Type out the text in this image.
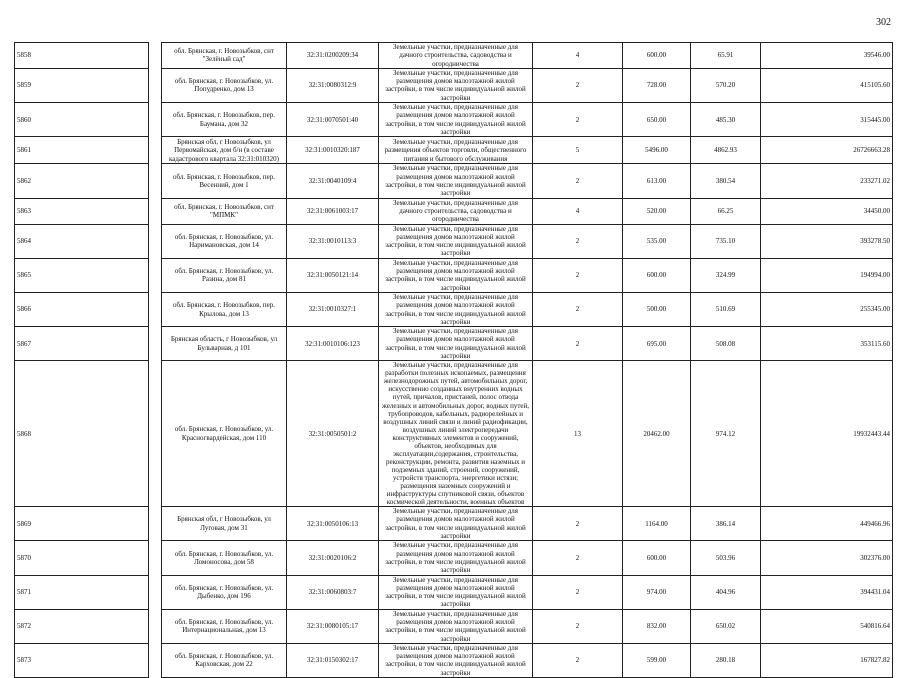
302
5858		обл. Брянская, г. Новозыбков, снт "Зелёный сад"	32:31:0200209:34	Земельные участки, предназначенные для дачного строительства, садоводства и огородничества	4	600.00	65.91	39546.00
5859		обл. Брянская, г. Новозыбков, ул. Попудренко, дом 13	32:31:0080312:9	Земельные участки, предназначенные для размещения домов малоэтажной жилой застройки, в том числе индивидуальной жилой застройки	2	728.00	570.20	415105.60
5860		обл. Брянская, г. Новозыбков, пер. Баумана, дом 32	32:31:0070501:40	Земельные участки, предназначенные для размещения домов малоэтажной жилой застройки, в том числе индивидуальной жилой застройки	2	650.00	485.30	315445.00
5861		Брянская обл, г Новозыбков, ул Первомайская, дом б/н (в составе кадастрового квартала 32:31:010320)	32:31:0010320:187	Земельные участки, предназначенные для размещения объектов торговли, общественного питания и бытового обслуживания	5	5496.00	4862.93	26726663.28
5862		обл. Брянская, г. Новозыбков, пер. Весенний, дом 1	32:31:0040109:4	Земельные участки, предназначенные для размещения домов малоэтажной жилой застройки, в том числе индивидуальной жилой застройки	2	613.00	380.54	233271.02
5863		обл. Брянская, г. Новозыбков, снт "МПМК"	32:31:0061003:17	Земельные участки, предназначенные для дачного строительства, садоводства и огородничества	4	520.00	66.25	34450.00
5864		обл. Брянская, г. Новозыбков, ул. Наримановская, дом 14	32:31:0010113:3	Земельные участки, предназначенные для размещения домов малоэтажной жилой застройки, в том числе индивидуальной жилой застройки	2	535.00	735.10	393278.50
5865		обл. Брянская, г. Новозыбков, ул. Разина, дом 81	32:31:0050121:14	Земельные участки, предназначенные для размещения домов малоэтажной жилой застройки, в том числе индивидуальной жилой застройки	2	600.00	324.99	194994.00
5866		обл. Брянская, г. Новозыбков, пер. Крылова, дом 13	32:31:0010327:1	Земельные участки, предназначенные для размещения домов малоэтажной жилой застройки, в том числе индивидуальной жилой застройки	2	500.00	510.69	255345.00
5867		Брянская область, г Новозыбков, ул Бульварная, д 101	32:31:0010106:123	Земельные участки, предназначенные для размещения домов малоэтажной жилой застройки, в том числе индивидуальной жилой застройки	2	695.00	508.08	353115.60
5868		обл. Брянская, г. Новозыбков, ул. Красногвардейская, дом 110	32:31:0050501:2	Земельные участки, предназначенные для разработки полезных ископаемых, размещения железнодорожных путей, автомобильных дорог, искусственно созданных внутренних водных путей, причалов, пристаней, полос отвода железных и автомобильных дорог, водных путей, трубопроводов, кабельных, радиорелейных и воздушных линий связи и линий радиофикации, воздушных линий электропередачи конструктивных элементов и сооружений, объектов, необходимых для эксплуатации,содержания, строительства, реконструкции, ремонта, развития наземных и подземных зданий, строений, сооружений, устройств транспорта, энергетики истязи; размещения наземных сооружений и инфраструктуры спутниковой связи, объектов космической деятельности, военных объектов	13	20462.00	974.12	19932443.44
5869		Брянская обл, г Новозыбков, ул Луговая, дом 31	32:31:0050106:13	Земельные участки, предназначенные для размещения домов малоэтажной жилой застройки, в том числе индивидуальной жилой застройки	2	1164.00	386.14	449466.96
5870		обл. Брянская, г. Новозыбков, ул. Ломоносова, дом 58	32:31:0020106:2	Земельные участки, предназначенные для размещения домов малоэтажной жилой застройки, в том числе индивидуальной жилой застройки	2	600.00	503.96	302376.00
5871		обл. Брянская, г. Новозыбков, ул. Дыбенко, дом 196	32:31:0060803:7	Земельные участки, предназначенные для размещения домов малоэтажной жилой застройки, в том числе индивидуальной жилой застройки	2	974.00	404.96	394431.04
5872		обл. Брянская, г. Новозыбков, ул. Интернациональная, дом 13	32:31:0080105:17	Земельные участки, предназначенные для размещения домов малоэтажной жилой застройки, в том числе индивидуальной жилой застройки	2	832.00	650.02	540816.64
5873		обл. Брянская, г. Новозыбков, ул. Карховская, дом 22	32:31:0150302:17	Земельные участки, предназначенные для размещения домов малоэтажной жилой застройки, в том числе индивидуальной жилой застройки	2	599.00	280.18	167827.82
